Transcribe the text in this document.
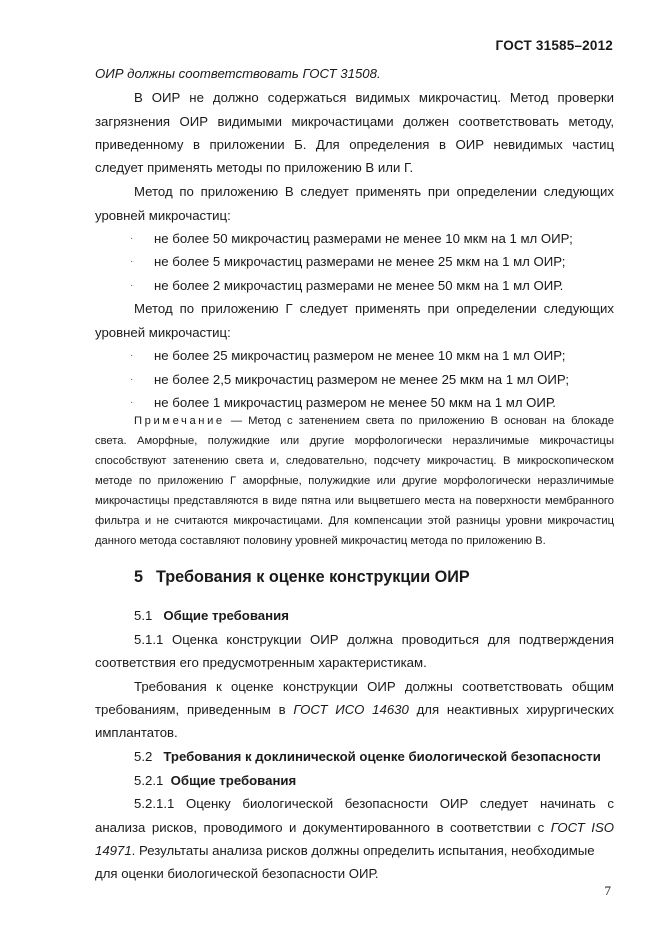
ГОСТ 31585–2012
ОИР должны соответствовать ГОСТ 31508.
В ОИР не должно содержаться видимых микрочастиц. Метод проверки
загрязнения ОИР видимыми микрочастицами должен соответствовать методу,
приведенному в приложении Б. Для определения в ОИР невидимых частиц
следует применять методы по приложению В или Г.
Метод по приложению В следует применять при определении следующих
уровней микрочастиц:
· не более 50 микрочастиц размерами не менее 10 мкм на 1 мл ОИР;
· не более 5 микрочастиц размерами не менее 25 мкм на 1 мл ОИР;
· не более 2 микрочастиц размерами не менее 50 мкм на 1 мл ОИР.
Метод по приложению Г следует применять при определении следующих
уровней микрочастиц:
· не более 25 микрочастиц размером не менее 10 мкм на 1 мл ОИР;
· не более 2,5 микрочастиц размером не менее 25 мкм на 1 мл ОИР;
· не более 1 микрочастиц размером не менее 50 мкм на 1 мл ОИР.
Примечание — Метод с затенением света по приложению В основан на блокаде
света. Аморфные, полужидкие или другие морфологически неразличимые микрочастицы
способствуют затенению света и, следовательно, подсчету микрочастиц. В микроскопическом
методе по приложению Г аморфные, полужидкие или другие морфологически неразличимые
микрочастицы представляются в виде пятна или выцветшего места на поверхности мембранного
фильтра и не считаются микрочастицами. Для компенсации этой разницы уровни микрочастиц
данного метода составляют половину уровней микрочастиц метода по приложению В.
5 Требования к оценке конструкции ОИР
5.1 Общие требования
5.1.1 Оценка конструкции ОИР должна проводиться для подтверждения
соответствия его предусмотренным характеристикам.
Требования к оценке конструкции ОИР должны соответствовать общим
требованиям, приведенным в ГОСТ ИСО 14630 для неактивных хирургических
имплантатов.
5.2 Требования к доклинической оценке биологической безопасности
5.2.1 Общие требования
5.2.1.1 Оценку биологической безопасности ОИР следует начинать с
анализа рисков, проводимого и документированного в соответствии с ГОСТ ISO
14971. Результаты анализа рисков должны определить испытания, необходимые
для оценки биологической безопасности ОИР.
7
